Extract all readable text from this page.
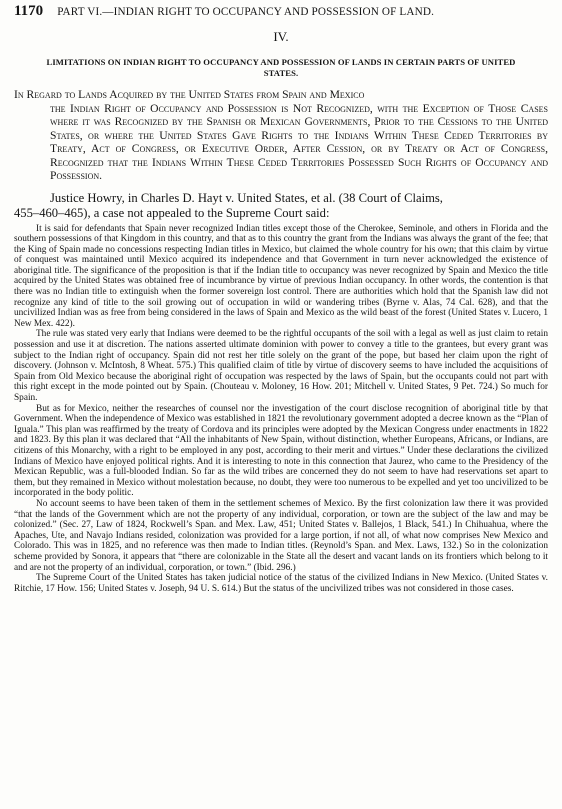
1170 PART VI.—INDIAN RIGHT TO OCCUPANCY AND POSSESSION OF LAND.
IV.
LIMITATIONS ON INDIAN RIGHT TO OCCUPANCY AND POSSESSION OF LANDS IN CERTAIN PARTS OF UNITED STATES.
In Regard to Lands Acquired by the United States from Spain and Mexico
the Indian Right of Occupancy and Possession is Not Recognized, with the Exception of Those Cases where it was Recognized by the Spanish or Mexican Governments, Prior to the Cessions to the United States, or where the United States Gave Rights to the Indians Within These Ceded Territories by Treaty, Act of Congress, or Executive Order, After Cession, or by Treaty or Act of Congress, Recognized that the Indians Within These Ceded Territories Possessed Such Rights of Occupancy and Possession.
Justice Howry, in Charles D. Hayt v. United States, et al. (38 Court of Claims,
455–460–465), a case not appealed to the Supreme Court said:

It is said for defendants that Spain never recognized Indian titles except those of the Cherokee, Seminole, and others in Florida and the southern possessions of that Kingdom in this country, and that as to this country the grant from the Indians was always the grant of the fee; that the King of Spain made no concessions respecting Indian titles in Mexico, but claimed the whole country for his own; that this claim by virtue of conquest was maintained until Mexico acquired its independence and that Government in turn never acknowledged the existence of aboriginal title. The significance of the proposition is that if the Indian title to occupancy was never recognized by Spain and Mexico the title acquired by the United States was obtained free of incumbrance by virtue of previous Indian occupancy. In other words, the contention is that there was no Indian title to extinguish when the former sovereign lost control. There are authorities which hold that the Spanish law did not recognize any kind of title to the soil growing out of occupation in wild or wandering tribes (Byrne v. Alas, 74 Cal. 628), and that the uncivilized Indian was as free from being considered in the laws of Spain and Mexico as the wild beast of the forest (United States v. Lucero, 1 New Mex. 422).

The rule was stated very early that Indians were deemed to be the rightful occupants of the soil with a legal as well as just claim to retain possession and use it at discretion. The nations asserted ultimate dominion with power to convey a title to the grantees, but every grant was subject to the Indian right of occupancy. Spain did not rest her title solely on the grant of the pope, but based her claim upon the right of discovery. (Johnson v. McIntosh, 8 Wheat. 575.) This qualified claim of title by virtue of discovery seems to have included the acquisitions of Spain from Old Mexico because the aboriginal right of occupation was respected by the laws of Spain, but the occupants could not part with this right except in the mode pointed out by Spain. (Chouteau v. Moloney, 16 How. 201; Mitchell v. United States, 9 Pet. 724.) So much for Spain.

But as for Mexico, neither the researches of counsel nor the investigation of the court disclose recognition of aboriginal title by that Government. When the independence of Mexico was established in 1821 the revolutionary government adopted a decree known as the “Plan of Iguala.” This plan was reaffirmed by the treaty of Cordova and its principles were adopted by the Mexican Congress under enactments in 1822 and 1823. By this plan it was declared that “All the inhabitants of New Spain, without distinction, whether Europeans, Africans, or Indians, are citizens of this Monarchy, with a right to be employed in any post, according to their merit and virtues.” Under these declarations the civilized Indians of Mexico have enjoyed political rights. And it is interesting to note in this connection that Jaurez, who came to the Presidency of the Mexican Republic, was a full-blooded Indian. So far as the wild tribes are concerned they do not seem to have had reservations set apart to them, but they remained in Mexico without molestation because, no doubt, they were too numerous to be expelled and yet too uncivilized to be incorporated in the body politic.

No account seems to have been taken of them in the settlement schemes of Mexico. By the first colonization law there it was provided “that the lands of the Government which are not the property of any individual, corporation, or town are the subject of the law and may be colonized.” (Sec. 27, Law of 1824, Rockwell’s Span. and Mex. Law, 451; United States v. Ballejos, 1 Black, 541.) In Chihuahua, where the Apaches, Ute, and Navajo Indians resided, colonization was provided for a large portion, if not all, of what now comprises New Mexico and Colorado. This was in 1825, and no reference was then made to Indian titles. (Reynold’s Span. and Mex. Laws, 132.) So in the colonization scheme provided by Sonora, it appears that “there are colonizable in the State all the desert and vacant lands on its frontiers which belong to it and are not the property of an individual, corporation, or town.” (Ibid. 296.)

The Supreme Court of the United States has taken judicial notice of the status of the civilized Indians in New Mexico. (United States v. Ritchie, 17 How. 156; United States v. Joseph, 94 U. S. 614.) But the status of the uncivilized tribes was not considered in those cases.
